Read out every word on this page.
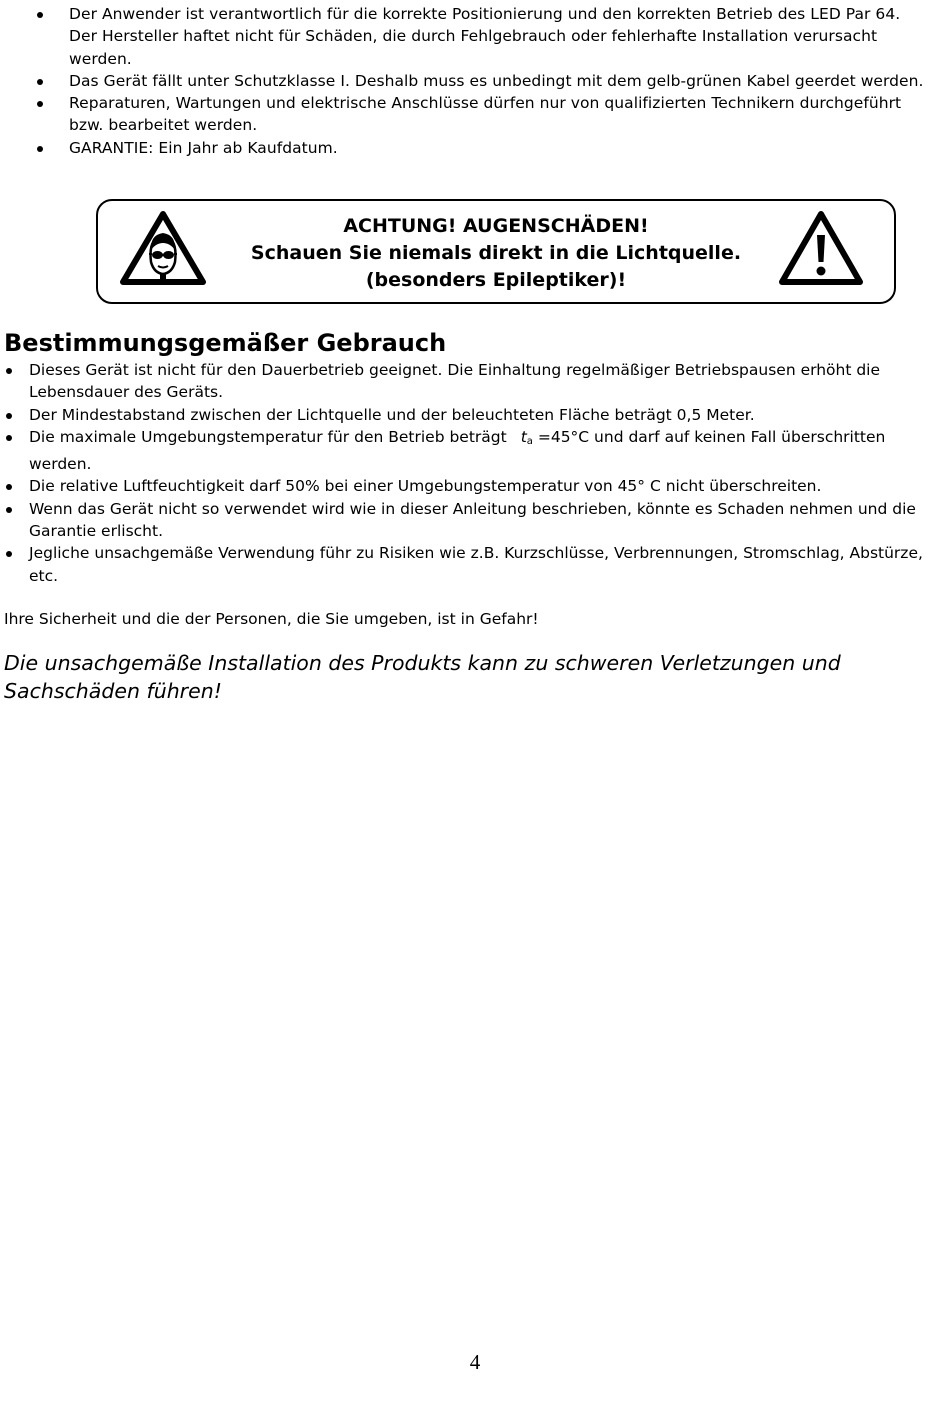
Der Anwender ist verantwortlich für die korrekte Positionierung und den korrekten Betrieb des LED Par 64. Der Hersteller haftet nicht für Schäden, die durch Fehlgebrauch oder fehlerhafte Installation verursacht werden.
Das Gerät fällt unter Schutzklasse I. Deshalb muss es unbedingt mit dem gelb-grünen Kabel geerdet werden.
Reparaturen, Wartungen und elektrische Anschlüsse dürfen nur von qualifizierten Technikern durchgeführt bzw. bearbeitet werden.
GARANTIE: Ein Jahr ab Kaufdatum.
ACHTUNG! AUGENSCHÄDEN!
Schauen Sie niemals direkt in die Lichtquelle.
(besonders Epileptiker)!
Bestimmungsgemäßer Gebrauch
Dieses Gerät ist nicht für den Dauerbetrieb geeignet. Die Einhaltung regelmäßiger Betriebspausen erhöht die Lebensdauer des Geräts.
Der Mindestabstand zwischen der Lichtquelle und der beleuchteten Fläche beträgt 0,5 Meter.
Die maximale Umgebungstemperatur für den Betrieb beträgt $t_a =45^\circ C$ und darf auf keinen Fall überschritten werden.
Die relative Luftfeuchtigkeit darf 50% bei einer Umgebungstemperatur von 45° C nicht überschreiten.
Wenn das Gerät nicht so verwendet wird wie in dieser Anleitung beschrieben, könnte es Schaden nehmen und die Garantie erlischt.
Jegliche unsachgemäße Verwendung führ zu Risiken wie z.B. Kurzschlüsse, Verbrennungen, Stromschlag, Abstürze, etc.

Ihre Sicherheit und die der Personen, die Sie umgeben, ist in Gefahr!

Die unsachgemäße Installation des Produkts kann zu schweren Verletzungen und Sachschäden führen!

4
